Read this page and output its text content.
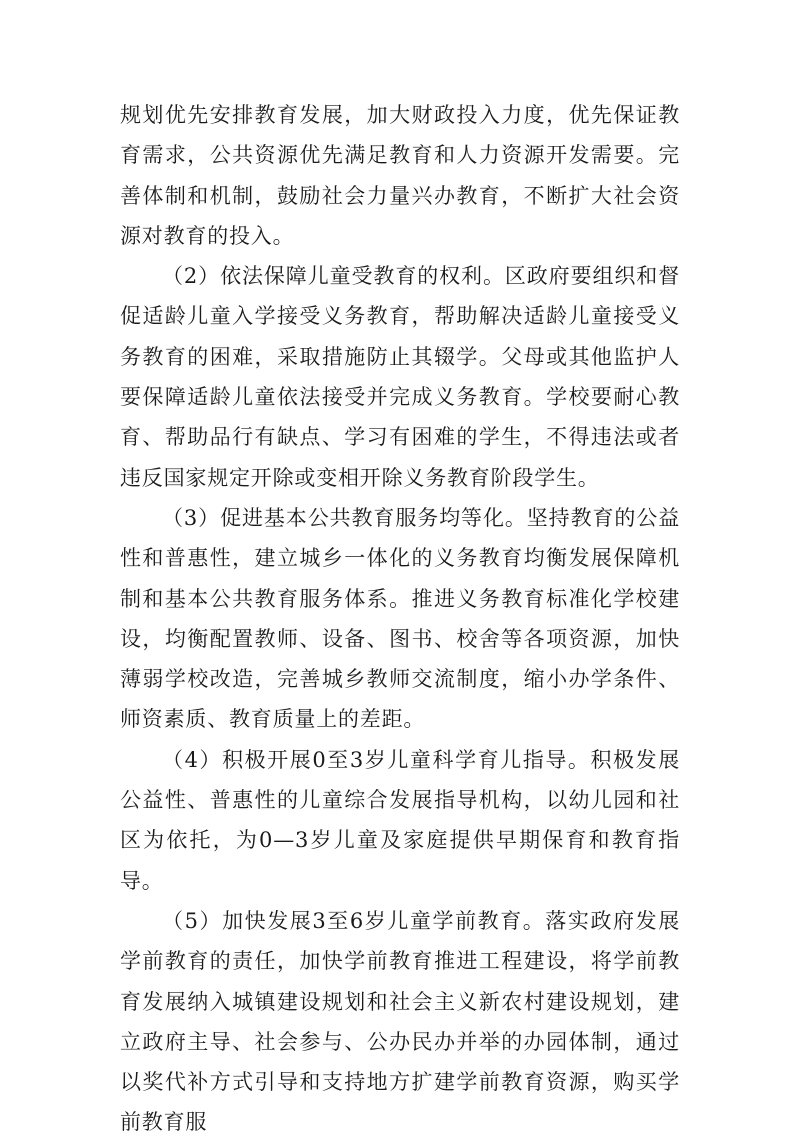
规划优先安排教育发展，加大财政投入力度，优先保证教育需求，公共资源优先满足教育和人力资源开发需要。完善体制和机制，鼓励社会力量兴办教育，不断扩大社会资源对教育的投入。

（2）依法保障儿童受教育的权利。区政府要组织和督促适龄儿童入学接受义务教育，帮助解决适龄儿童接受义务教育的困难，采取措施防止其辍学。父母或其他监护人要保障适龄儿童依法接受并完成义务教育。学校要耐心教育、帮助品行有缺点、学习有困难的学生，不得违法或者违反国家规定开除或变相开除义务教育阶段学生。

（3）促进基本公共教育服务均等化。坚持教育的公益性和普惠性，建立城乡一体化的义务教育均衡发展保障机制和基本公共教育服务体系。推进义务教育标准化学校建设，均衡配置教师、设备、图书、校舍等各项资源，加快薄弱学校改造，完善城乡教师交流制度，缩小办学条件、师资素质、教育质量上的差距。

（4）积极开展0至3岁儿童科学育儿指导。积极发展公益性、普惠性的儿童综合发展指导机构，以幼儿园和社区为依托，为0—3岁儿童及家庭提供早期保育和教育指导。

（5）加快发展3至6岁儿童学前教育。落实政府发展学前教育的责任，加快学前教育推进工程建设，将学前教育发展纳入城镇建设规划和社会主义新农村建设规划，建立政府主导、社会参与、公办民办并举的办园体制，通过以奖代补方式引导和支持地方扩建学前教育资源，购买学前教育服
